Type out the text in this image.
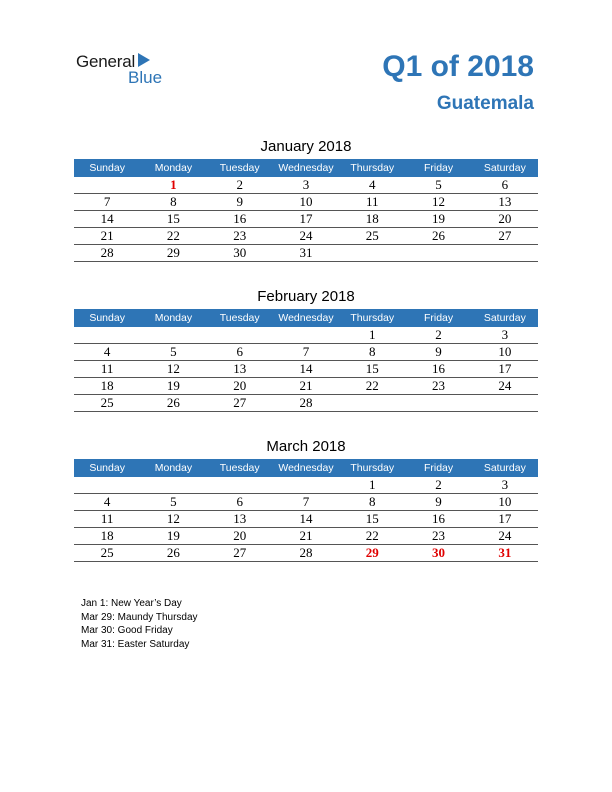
General
Blue	Q1 of 2018
Guatemala
January 2018
Sunday	Monday	Tuesday	Wednesday	Thursday	Friday	Saturday
	1	2	3	4	5	6
7	8	9	10	11	12	13
14	15	16	17	18	19	20
21	22	23	24	25	26	27
28	29	30	31			
February 2018
Sunday	Monday	Tuesday	Wednesday	Thursday	Friday	Saturday
				1	2	3
4	5	6	7	8	9	10
11	12	13	14	15	16	17
18	19	20	21	22	23	24
25	26	27	28			
March 2018
Sunday	Monday	Tuesday	Wednesday	Thursday	Friday	Saturday
				1	2	3
4	5	6	7	8	9	10
11	12	13	14	15	16	17
18	19	20	21	22	23	24
25	26	27	28	29	30	31
Jan 1: New Year’s Day
Mar 29: Maundy Thursday
Mar 30: Good Friday
Mar 31: Easter Saturday
